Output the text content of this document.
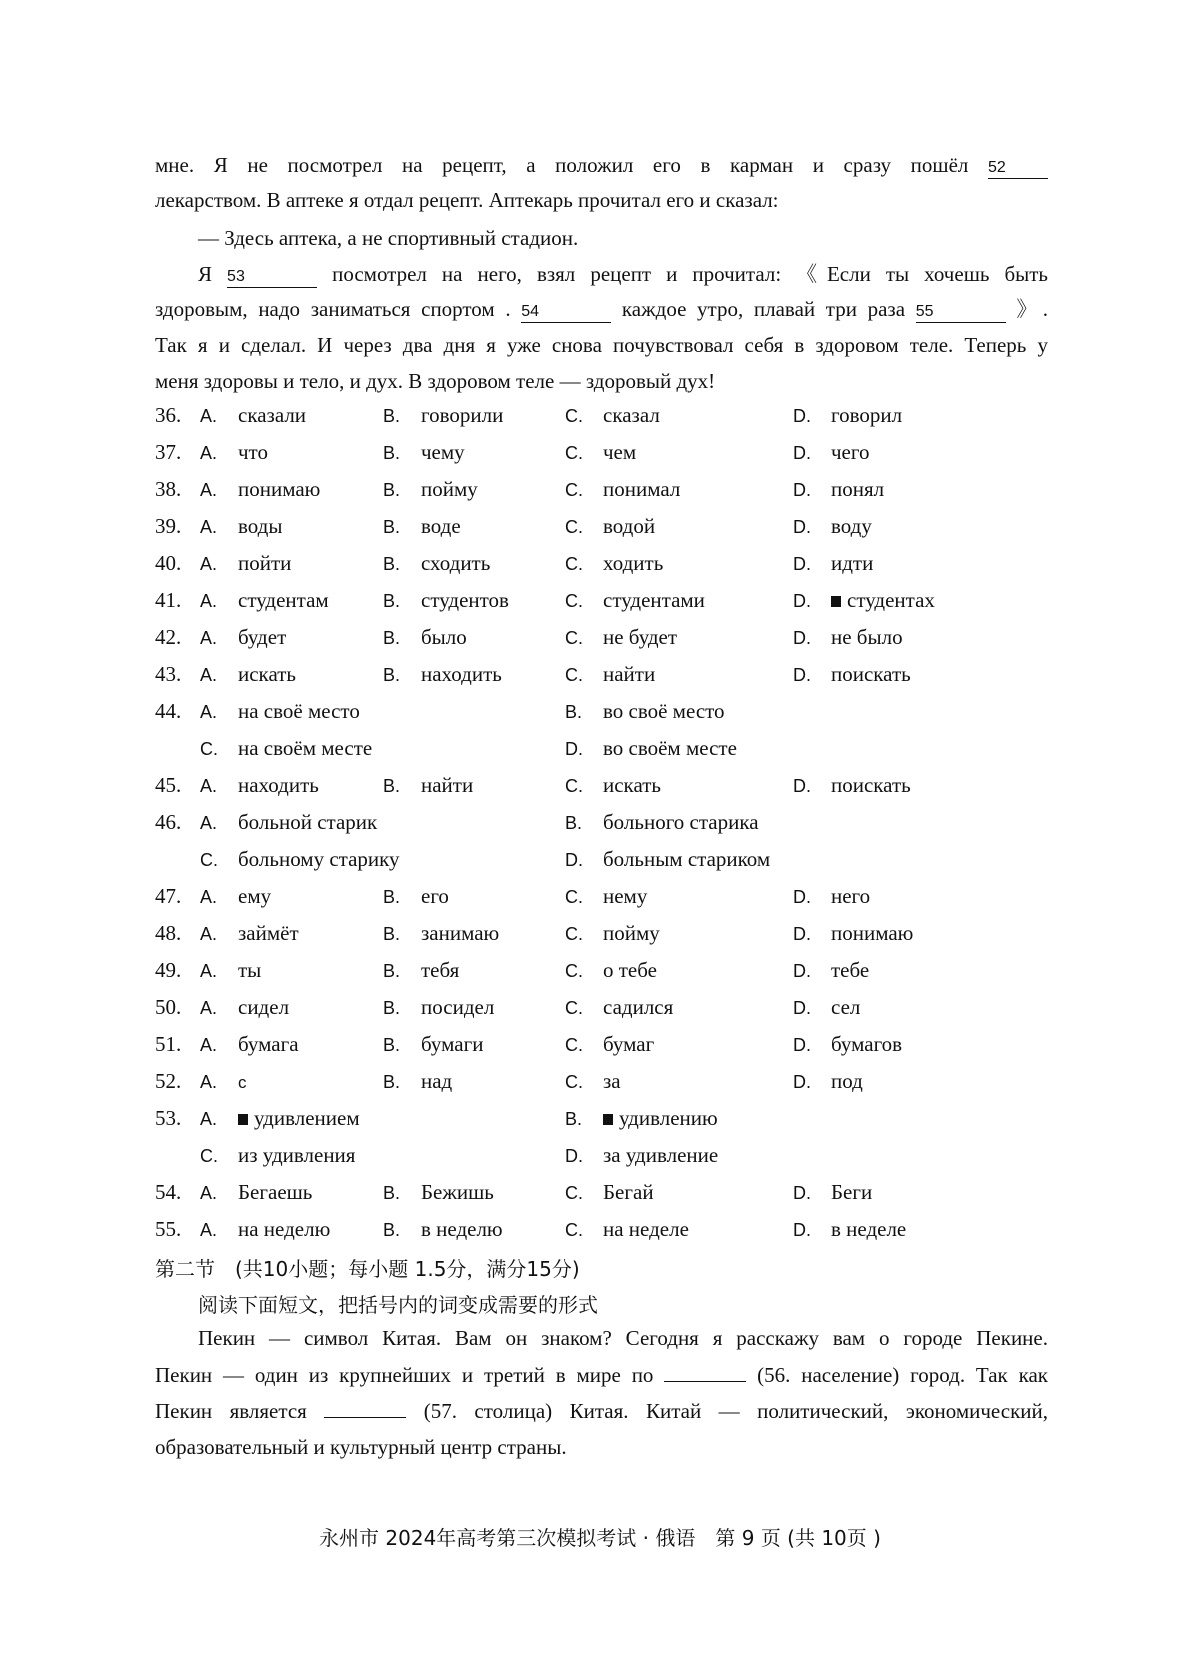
мне. Я не посмотрел на рецепт, а положил его в карман и сразу пошёл 52
лекарством. В аптеке я отдал рецепт. Аптекарь прочитал его и сказал:
— Здесь аптека, а не спортивный стадион.
Я 53	посмотрел на него, взял рецепт и прочитал: 《Если ты хочешь быть
здоровым, надо заниматься спортом . 54	каждое утро, плавай три раза 55	》.
Так я и сделал. И через два дня я уже снова почувствовал себя в здоровом теле. Теперь у
меня здоровы и тело, и дух. В здоровом теле — здоровый дух!
36. A. сказали	B. говорили	C. сказал	D. говорил
37. A. что	B. чему	C. чем	D. чего
38. A. понимаю	B. пойму	C. понимал	D. понял
39. A. воды	B. воде	C. водой	D. воду
40. A. пойти	B. сходить	C. ходить	D. идти
41. A. студентам	B. студентов	C. студентами	D. студентах
42. A. будет	B. было	C. не будет	D. не было
43. A. искать	B. находить	C. найти	D. поискать
44. A. на своё место	B. во своё место
C. на своём месте	D. во своём месте
45. A. находить	B. найти	C. искать	D. поискать
46. A. больной старик	B. больного старика
C. больному старику	D. больным стариком
47. A. ему	B. его	C. нему	D. него
48. A. займёт	B. занимаю	C. пойму	D. понимаю
49. A. ты	B. тебя	C. о тебе	D. тебе
50. A. сидел	B. посидел	C. садился	D. сел
51. A. бумага	B. бумаги	C. бумаг	D. бумагов
52. A. с	B. над	C. за	D. под
53. A. удивлением	B. удивлению
C. из удивления	D. за удивление
54. A. Бегаешь	B. Бежишь	C. Бегай	D. Беги
55. A. на неделю	B. в неделю	C. на неделе	D. в неделе
第二节　(共10小题；每小题 1.5分，满分15分)
阅读下面短文，把括号内的词变成需要的形式
Пекин — символ Китая. Вам он знаком? Сегодня я расскажу вам о городе Пекине.
Пекин — один из крупнейших и третий в мире по	(56. население) город. Так как
Пекин является	(57. столица) Китая. Китай — политический, экономический,
образовательный и культурный центр страны.
永州市 2024年高考第三次模拟考试 · 俄语　第 9 页 (共 10页 )
